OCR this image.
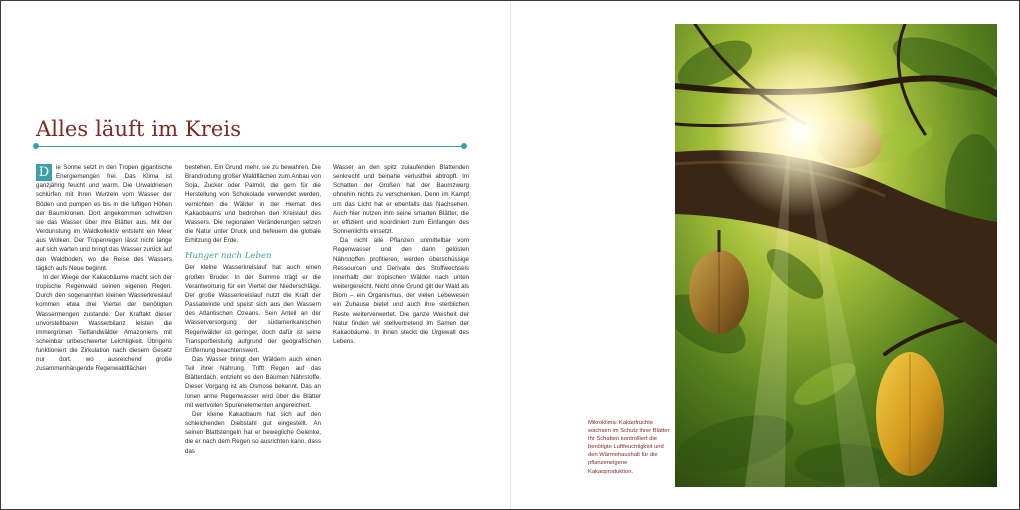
Alles läuft im Kreis

D	ie Sonne setzt in den Tropen gigantische Energiemengen frei. Das Klima ist ganzjährig feucht und warm. Die Urwaldriesen schlürfen mit ihren Wurzeln vom Wasser der Böden und pumpen es bis in die luftigen Höhen der Baumkronen. Dort angekommen schwitzen sie das Wasser über ihre Blätter aus. Mit der Verdunstung im Waldkollektiv entsteht ein Meer aus Wolken. Der Tropenregen lässt nicht lange auf sich warten und bringt das Wasser zurück auf den Waldboden, wo die Reise des Wassers täglich aufs Neue beginnt.

In der Wiege der Kakaobäume macht sich der tropische Regenwald seinen eigenen Regen. Durch den sogenannten kleinen Wasserkreislauf kommen etwa drei Viertel der benötigten Wassermengen zustande. Der Kraftakt dieser unvorstellbaren Wasserbilanz leisten die immergrünen Tieflandwälder Amazoniens mit scheinbar unbeschwerter Leichtigkeit. Übrigens funktioniert die Zirkulation nach diesem Gesetz nur dort, wo ausreichend große zusammenhängende Regenwaldflächen

bestehen. Ein Grund mehr, sie zu bewahren. Die Brandrodung großer Waldflächen zum Anbau von Soja, Zucker oder Palmöl, die gern für die Herstellung von Schokolade verwendet werden, vernichten die Wälder in der Heimat des Kakaobaums und bedrohen den Kreislauf des Wassers. Die regionalen Veränderungen setzen die Natur unter Druck und befeuern die globale Erhitzung der Erde.

Hunger nach Leben

Der kleine Wasserkreislauf hat auch einen großen Bruder. In der Summe trägt er die Verantwortung für ein Viertel der Niederschläge. Der große Wasserkreislauf nutzt die Kraft der Passatwinde und speist sich aus den Wassern des Atlantischen Ozeans. Sein Anteil an der Wasserversorgung der südamerikanischen Regenwälder ist geringer, doch dafür ist seine Transportleistung aufgrund der geografischen Entfernung beachtenswert.

Das Wasser bringt den Wäldern auch einen Teil ihrer Nahrung. Trifft Regen auf das Blätterdach, entzieht es den Bäumen Nährstoffe. Dieser Vorgang ist als Osmose bekannt. Das an Ionen arme Regenwasser wird über die Blätter mit wertvollen Spurenelementen angereichert.

Der kleine Kakaobaum hat sich auf den schleichenden Diebstahl gut eingestellt. An seinen Blattstengeln hat er bewegliche Gelenke, die er nach dem Regen so ausrichten kann, dass das

Wasser an den spitz zulaufenden Blattenden senkrecht und beinahe verlustfrei abtropft. Im Schatten der Großen hat der Baumzwerg ohnehin nichts zu verschenken. Denn im Kampf um das Licht hat er ebenfalls das Nachsehen. Auch hier nutzen ihm seine smarten Blätter, die er effizient und koordiniert zum Einfangen des Sonnenlichts einsetzt.

Da nicht alle Pflanzen unmittelbar vom Regenwasser und den darin gelösten Nährstoffen profitieren, werden überschüssige Ressourcen und Derivate des Stoffwechsels innerhalb der tropischen Wälder nach unten weitergereicht. Nicht ohne Grund gilt der Wald als Biom – ein Organismus, der vielen Lebewesen ein Zuhause bietet und auch ihre sterblichen Reste weiterverwertet. Die ganze Weisheit der Natur finden wir stellvertretend im Samen der Kakaobäume. In ihnen steckt die Urgewalt des Lebens.

Mikroklima: Kakaofrüchte wachsen im Schutz ihrer Blätter. Ihr Schatten kontrolliert die benötigte Luftfeuchtigkeit und den Wärmehaushalt für die pflanzeneigene Kakaoproduktion.
